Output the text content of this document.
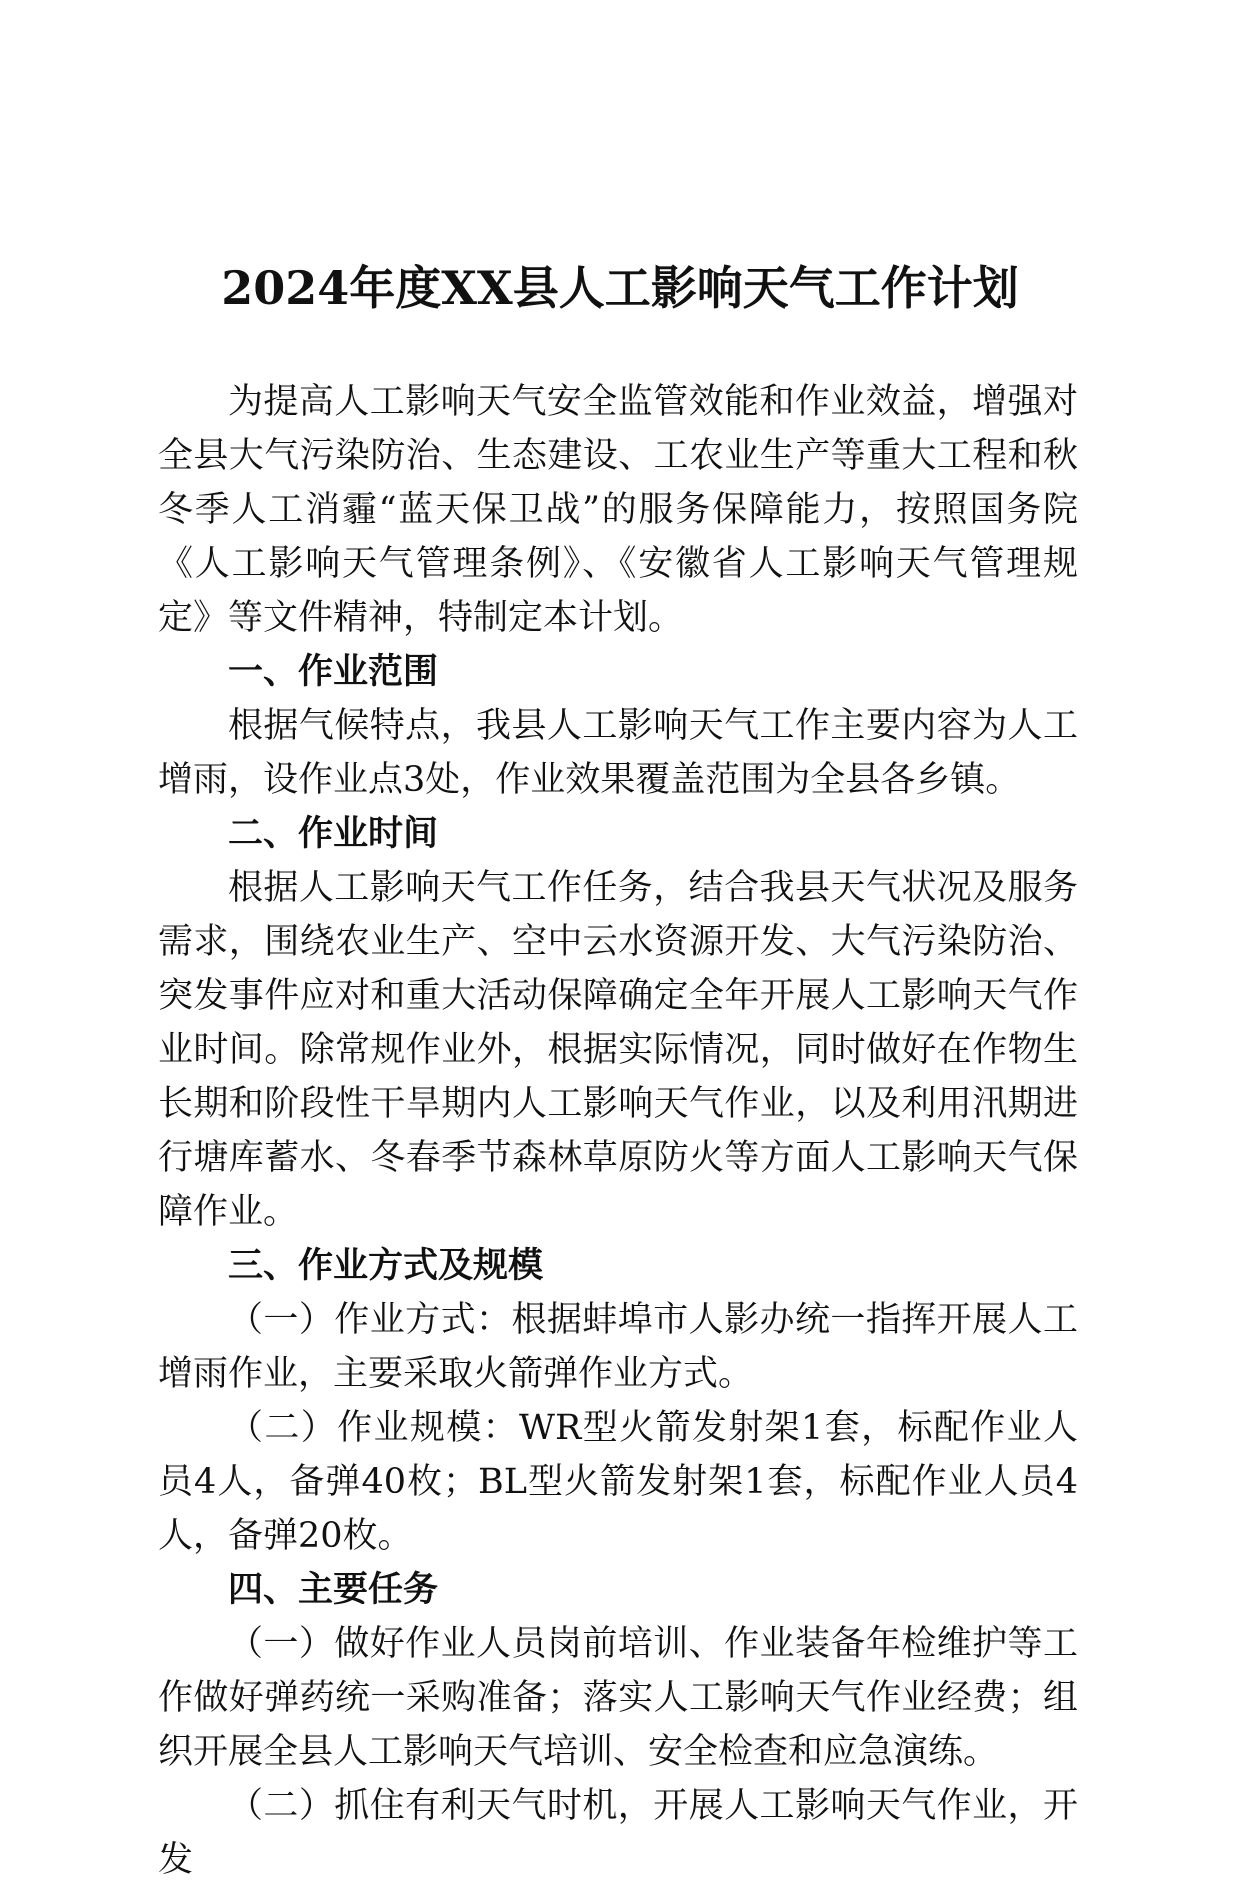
2024年度XX县人工影响天气工作计划

为提高人工影响天气安全监管效能和作业效益，增强对全县大气污染防治、生态建设、工农业生产等重大工程和秋冬季人工消霾“蓝天保卫战”的服务保障能力，按照国务院《人工影响天气管理条例》、《安徽省人工影响天气管理规定》等文件精神，特制定本计划。

一、作业范围

根据气候特点，我县人工影响天气工作主要内容为人工增雨，设作业点3处，作业效果覆盖范围为全县各乡镇。

二、作业时间

根据人工影响天气工作任务，结合我县天气状况及服务需求，围绕农业生产、空中云水资源开发、大气污染防治、突发事件应对和重大活动保障确定全年开展人工影响天气作业时间。除常规作业外，根据实际情况，同时做好在作物生长期和阶段性干旱期内人工影响天气作业，以及利用汛期进行塘库蓄水、冬春季节森林草原防火等方面人工影响天气保障作业。

三、作业方式及规模

（一）作业方式：根据蚌埠市人影办统一指挥开展人工增雨作业，主要采取火箭弹作业方式。

（二）作业规模：WR型火箭发射架1套，标配作业人员4人，备弹40枚；BL型火箭发射架1套，标配作业人员4人，备弹20枚。

四、主要任务

（一）做好作业人员岗前培训、作业装备年检维护等工作做好弹药统一采购准备；落实人工影响天气作业经费；组织开展全县人工影响天气培训、安全检查和应急演练。

（二）抓住有利天气时机，开展人工影响天气作业，开发
